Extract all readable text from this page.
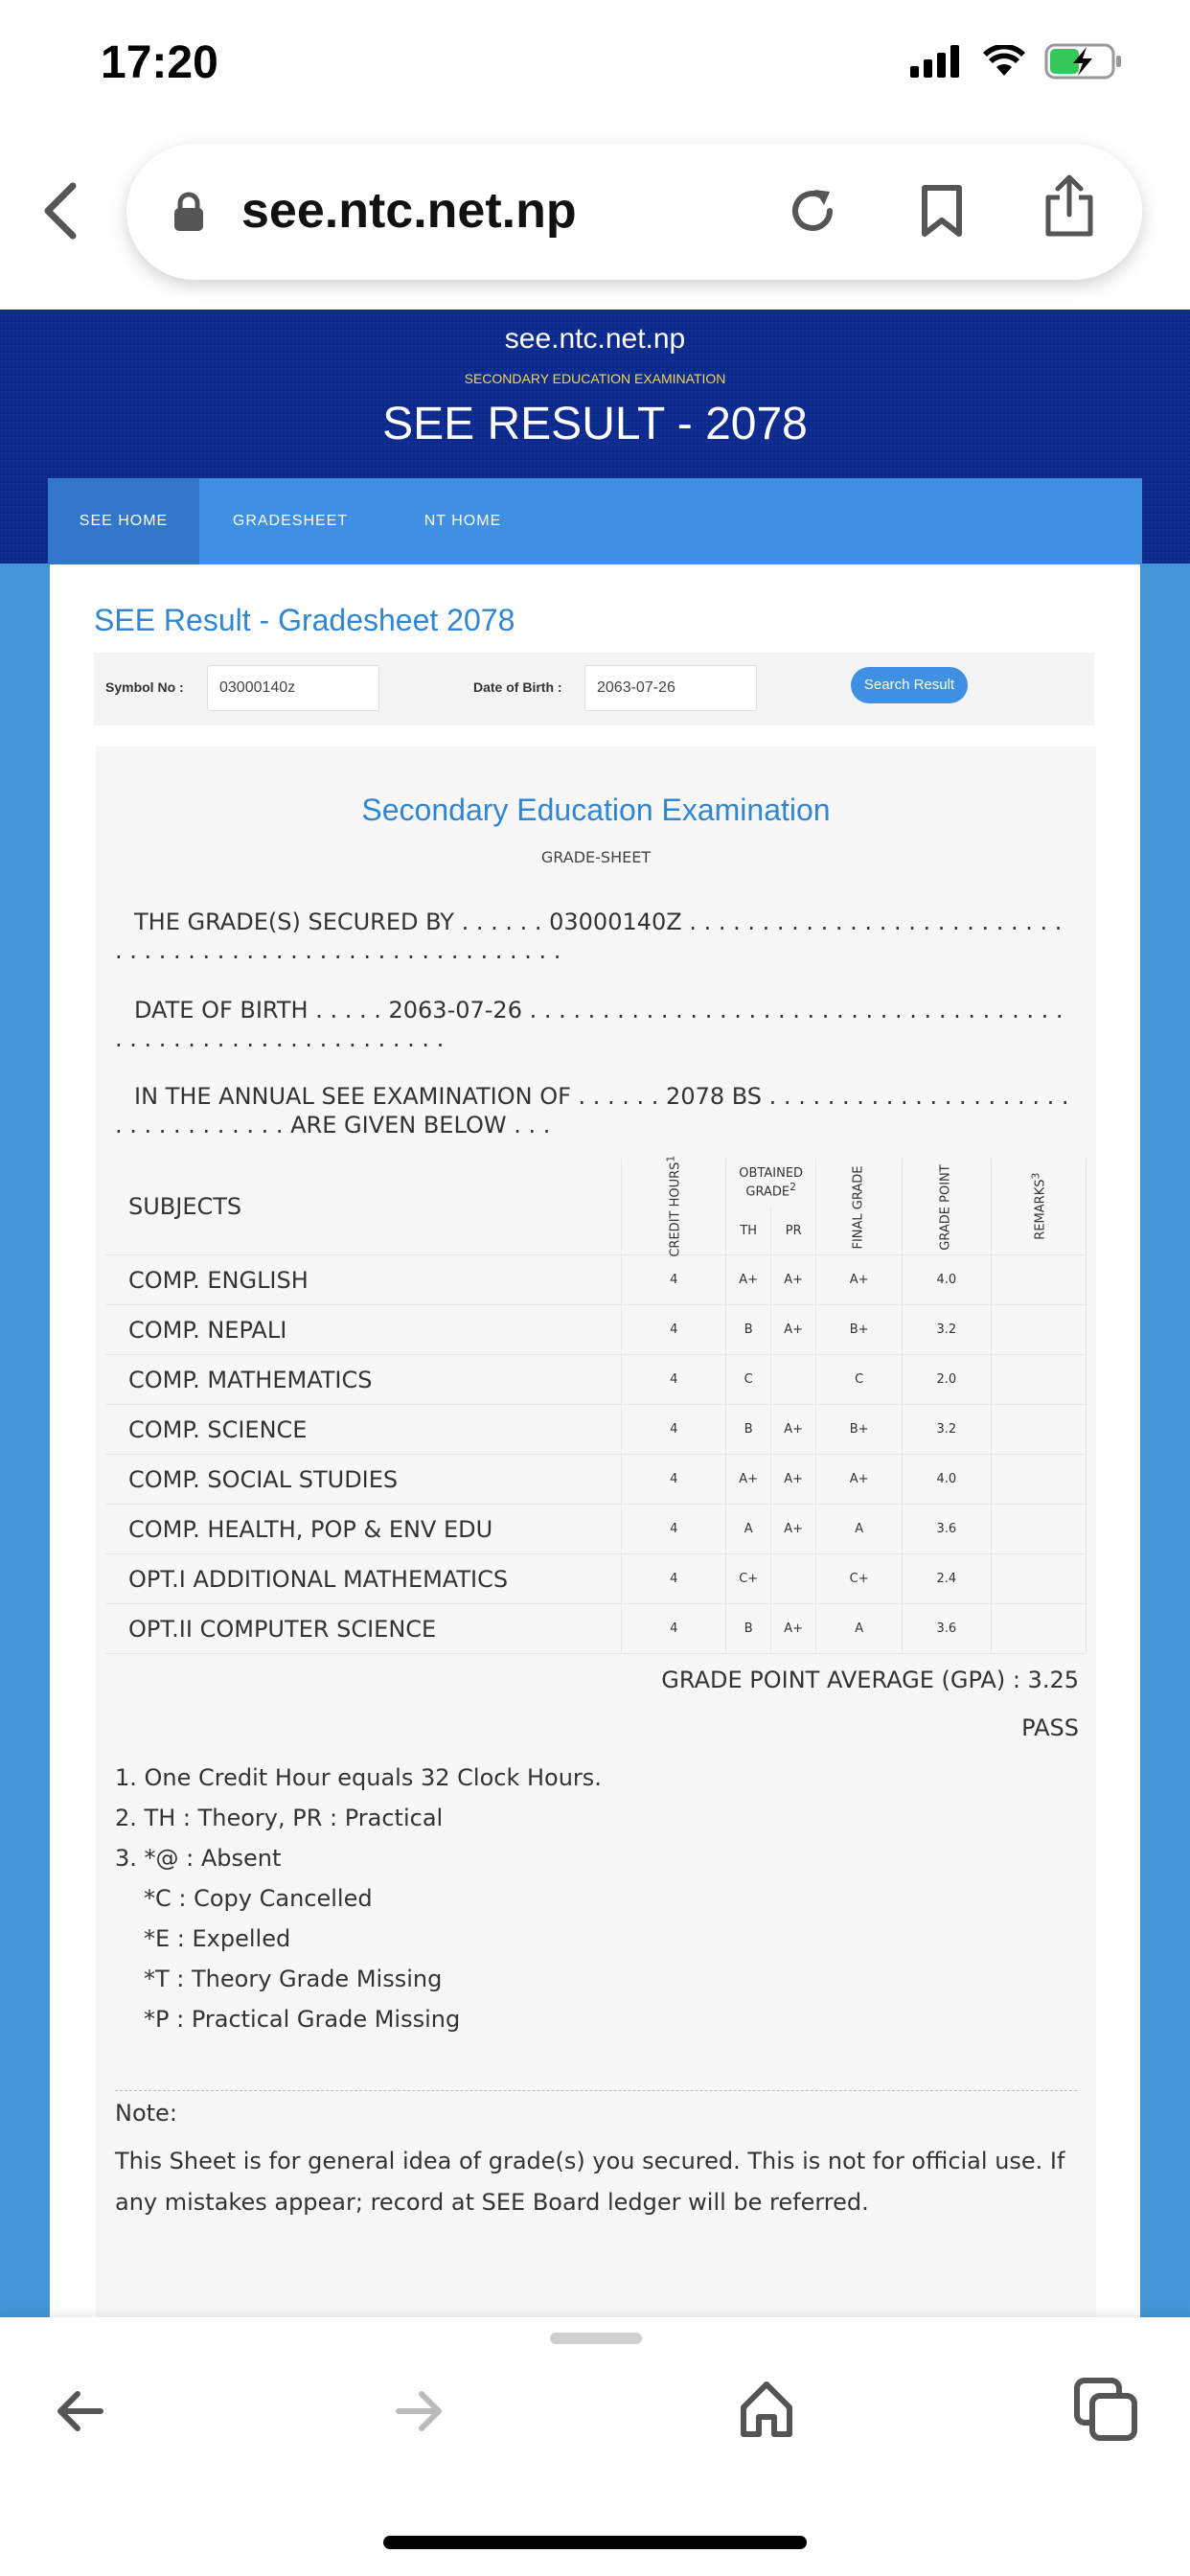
17:20
see.ntc.net.np
see.ntc.net.np
SECONDARY EDUCATION EXAMINATION
SEE RESULT - 2078
SEE HOME	GRADESHEET	NT HOME
SEE Result - Gradesheet 2078
Symbol No :	03000140z	Date of Birth :	2063-07-26	Search Result
Secondary Education Examination
GRADE-SHEET
THE GRADE(S) SECURED BY . . . . . . 03000140Z . . . . . . . . . . . . . . . . . . . . . . . . . . . . . . . . . . . . . . . . . . . . . . . . . . . . . . . . .
DATE OF BIRTH . . . . . 2063-07-26 . . . . . . . . . . . . . . . . . . . . . . . . . . . . . . . . . . . . . . . . . . . . . . . . . . . . . . . . . . . .
IN THE ANNUAL SEE EXAMINATION OF . . . . . . 2078 BS . . . . . . . . . . . . . . . . . . . . . . . . . . . . . . . . . ARE GIVEN BELOW . . .
SUBJECTS	CREDIT HOURS$^1$	OBTAINED GRADE$^2$		FINAL GRADE	GRADE POINT	REMARKS$^3$
		TH	PR			
COMP. ENGLISH	4	A+	A+	A+	4.0	
COMP. NEPALI	4	B	A+	B+	3.2	
COMP. MATHEMATICS	4	C		C	2.0	
COMP. SCIENCE	4	B	A+	B+	3.2	
COMP. SOCIAL STUDIES	4	A+	A+	A+	4.0	
COMP. HEALTH, POP & ENV EDU	4	A	A+	A	3.6	
OPT.I ADDITIONAL MATHEMATICS	4	C+		C+	2.4	
OPT.II COMPUTER SCIENCE	4	B	A+	A	3.6	
GRADE POINT AVERAGE (GPA) : 3.25
PASS
1. One Credit Hour equals 32 Clock Hours.
2. TH : Theory, PR : Practical
3. *@ : Absent
*C : Copy Cancelled
*E : Expelled
*T : Theory Grade Missing
*P : Practical Grade Missing
Note:
This Sheet is for general idea of grade(s) you secured. This is not for official use. If any mistakes appear; record at SEE Board ledger will be referred.
